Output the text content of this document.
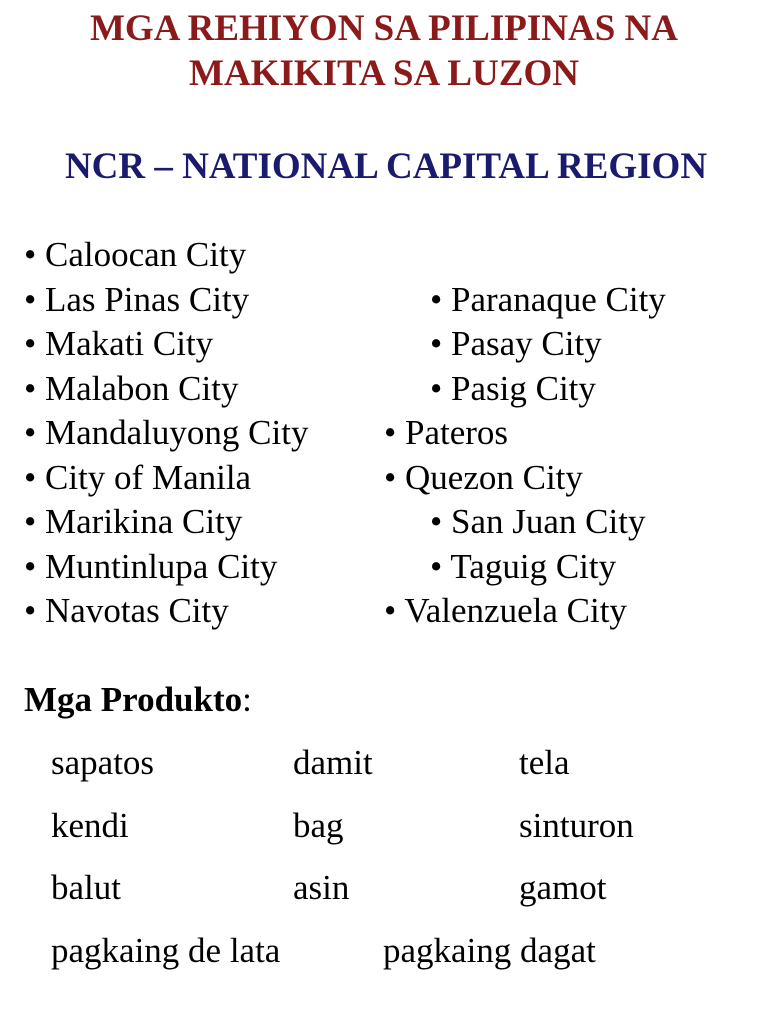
MGA REHIYON SA PILIPINAS NA
MAKIKITA SA LUZON
NCR – NATIONAL CAPITAL REGION
• Caloocan City
• Las Pinas City
• Makati City
• Malabon City
• Mandaluyong City
• City of Manila
• Marikina City
• Muntinlupa City
• Navotas City
• Paranaque City
• Pasay City
• Pasig City
• Pateros
• Quezon City
• San Juan City
• Taguig City
• Valenzuela City
Mga Produkto:
sapatos	damit	tela
kendi	bag	sinturon
balut	asin	gamot
pagkaing de lata	pagkaing dagat
